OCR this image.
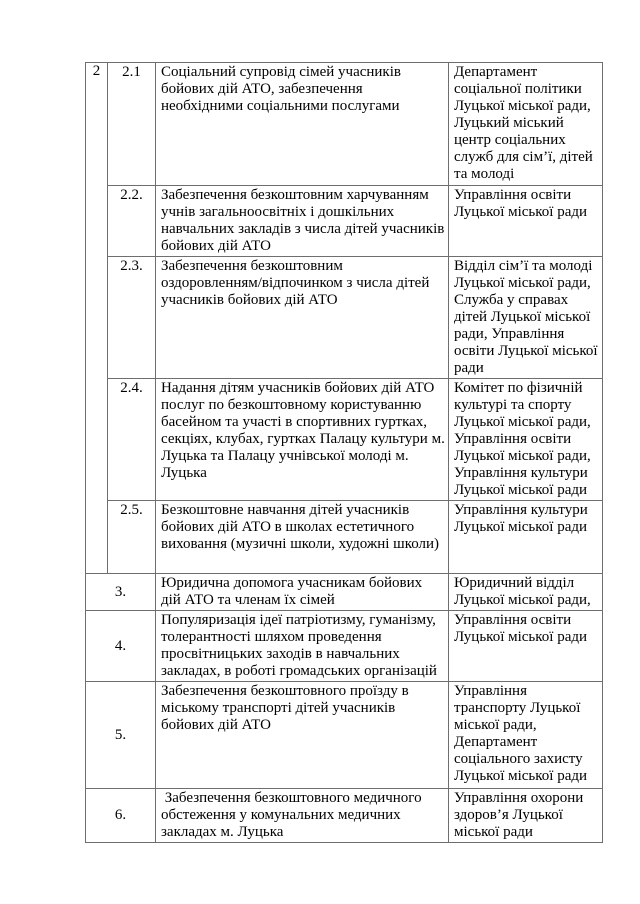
2	2.1	Соціальний супровід сімей учасників бойових дій АТО, забезпечення необхідними соціальними послугами	Департамент соціальної політики Луцької міської ради, Луцький міський центр соціальних служб для сім’ї, дітей та молоді
	2.2.	Забезпечення безкоштовним харчуванням учнів загальноосвітніх і дошкільних навчальних закладів з числа дітей учасників бойових дій АТО	Управління освіти Луцької міської ради
	2.3.	Забезпечення безкоштовним оздоровленням/відпочинком з числа дітей учасників бойових дій АТО	Відділ сім’ї та молоді Луцької міської ради, Служба у справах дітей Луцької міської ради, Управління освіти Луцької міської ради
	2.4.	Надання дітям учасників бойових дій АТО послуг по безкоштовному користуванню басейном та участі в спортивних гуртках, секціях, клубах, гуртках Палацу культури м. Луцька та Палацу учнівської молоді м. Луцька	Комітет по фізичній культурі та спорту Луцької міської ради, Управління освіти Луцької міської ради, Управління культури Луцької міської ради
	2.5.	Безкоштовне навчання дітей учасників бойових дій АТО в школах естетичного виховання (музичні школи, художні школи)	Управління культури Луцької міської ради
3.		Юридична допомога учасникам бойових дій АТО та членам їх сімей	Юридичний відділ Луцької міської ради,
4.		Популяризація ідеї патріотизму, гуманізму, толерантності шляхом проведення просвітницьких заходів в навчальних закладах, в роботі громадських організацій	Управління освіти Луцької міської ради
5.		Забезпечення безкоштовного проїзду в міському транспорті дітей учасників бойових дій АТО	Управління транспорту Луцької міської ради, Департамент соціального захисту Луцької міської ради
6.		Забезпечення безкоштовного медичного обстеження у комунальних медичних закладах м. Луцька	Управління охорони здоров’я Луцької міської ради
